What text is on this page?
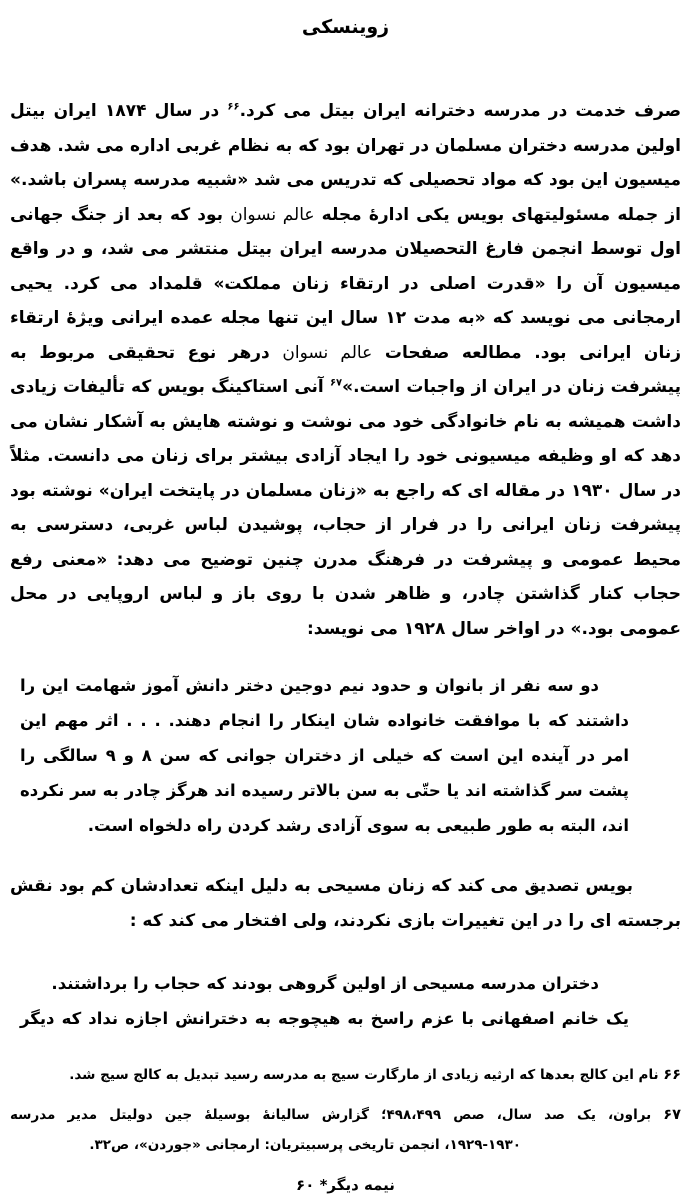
زوینسکی
صرف خدمت در مدرسه دخترانه ایران بیتل می کرد.$^{۶۶}$ در سال ۱۸۷۴ ایران بیتل اولین مدرسه دختران مسلمان در تهران بود که به نظام غربی اداره می شد. هدف میسیون این بود که مواد تحصیلی که تدریس می شد «شبیه مدرسه پسران باشد.» از جمله مسئولیتهای بویس یکی ادارهٔ مجله عالم نسوان بود که بعد از جنگ جهانی اول توسط انجمن فارغ التحصیلان مدرسه ایران بیتل منتشر می شد، و در واقع میسیون آن را «قدرت اصلی در ارتقاء زنان مملکت» قلمداد می کرد. یحیی ارمجانی می نویسد که «به مدت ۱۲ سال این تنها مجله عمده ایرانی ویژهٔ ارتقاء زنان ایرانی بود. مطالعه صفحات عالم نسوان درهر نوع تحقیقی مربوط به پیشرفت زنان در ایران از واجبات است.»$^{۶۷}$ آنی استاکینگ بویس که تألیفات زیادی داشت همیشه به نام خانوادگی خود می نوشت و نوشته هایش به آشکار نشان می دهد که او وظیفه میسیونی خود را ایجاد آزادی بیشتر برای زنان می دانست. مثلاً در سال ۱۹۳۰ در مقاله ای که راجع به «زنان مسلمان در پایتخت ایران» نوشته بود پیشرفت زنان ایرانی را در فرار از حجاب، پوشیدن لباس غربی، دسترسی به محیط عمومی و پیشرفت در فرهنگ مدرن چنین توضیح می دهد: «معنی رفع حجاب کنار گذاشتن چادر، و ظاهر شدن با روی باز و لباس اروپایی در محل عمومی بود.» در اواخر سال ۱۹۲۸ می نویسد:
دو سه نفر از بانوان و حدود نیم دوجین دختر دانش آموز شهامت این را داشتند که با موافقت خانواده شان اینکار را انجام دهند. . . . اثر مهم این امر در آینده این است که خیلی از دختران جوانی که سن ۸ و ۹ سالگی را پشت سر گذاشته اند یا حتّی به سن بالاتر رسیده اند هرگز چادر به سر نکرده اند، البته به طور طبیعی به سوی آزادی رشد کردن راه دلخواه است.
بویس تصدیق می کند که زنان مسیحی به دلیل اینکه تعدادشان کم بود نقش برجسته ای را در این تغییرات بازی نکردند، ولی افتخار می کند که :
دختران مدرسه مسیحی از اولین گروهی بودند که حجاب را برداشتند.
یک خانم اصفهانی با عزم راسخ به هیچوجه به دخترانش اجازه نداد که دیگر
۶۶ نام این کالج بعدها که ارثیه زیادی از مارگارت سیج به مدرسه رسید تبدیل به کالج سیج شد.
۶۷ براون، یک صد سال، صص ۴۹۸،۴۹۹؛ گزارش سالیانهٔ بوسیلهٔ جین دولیتل مدیر مدرسه
۱۹۲۹-۱۹۳۰، انجمن تاریخی پرسبیتریان: ارمجانی «جوردن»، ص۳۲.
نیمه دیگر* ۶۰
